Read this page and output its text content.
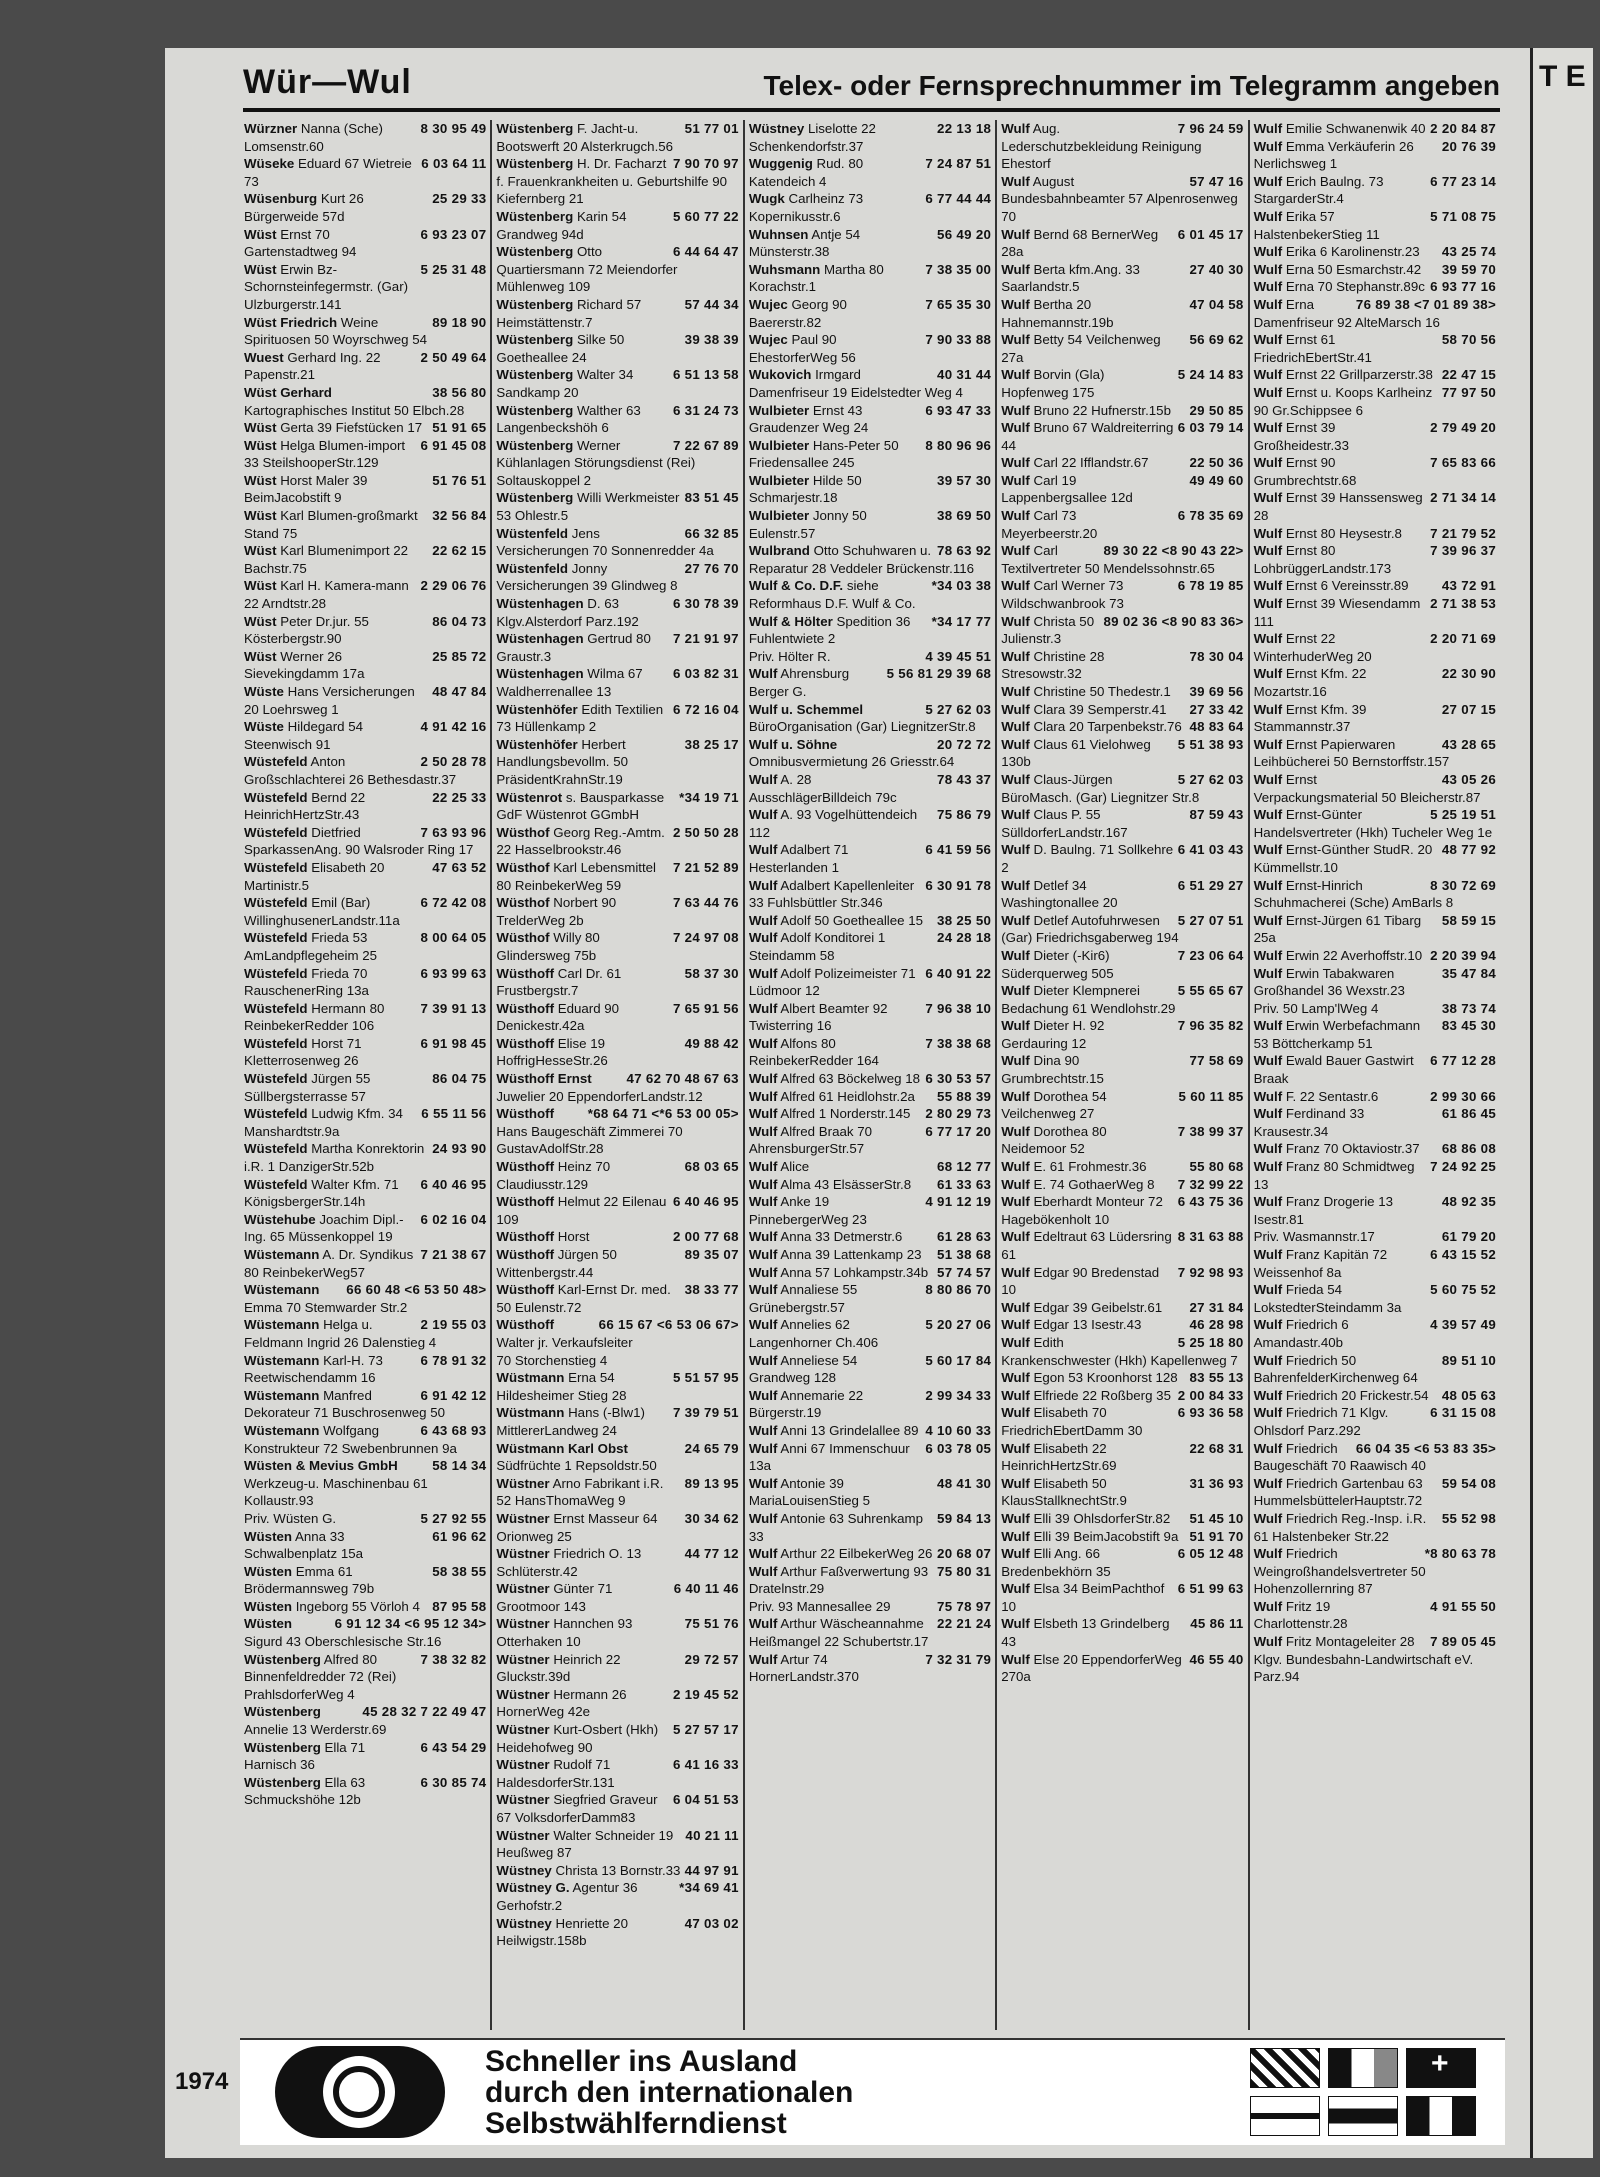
Wür—Wul	Telex- oder Fernsprechnummer im Telegramm angeben
8 30 95 49
Würzner Nanna (Sche) Lomsenstr.60
6 03 64 11
Wüseke Eduard 67 Wietreie 73
25 29 33
Wüsenburg Kurt 26 Bürgerweide 57d
6 93 23 07
Wüst Ernst 70 Gartenstadtweg 94
5 25 31 48
Wüst Erwin Bz- Schornsteinfegermstr. (Gar) Ulzburgerstr.141
89 18 90
Wüst Friedrich Weine Spirituosen 50 Woyrschweg 54
2 50 49 64
Wuest Gerhard Ing. 22 Papenstr.21
38 56 80
Wüst Gerhard Kartographisches Institut 50 Elbch.28
51 91 65
Wüst Gerta 39 Fiefstücken 17
6 91 45 08
Wüst Helga Blumen-import 33 SteilshooperStr.129
51 76 51
Wüst Horst Maler 39 BeimJacobstift 9
32 56 84
Wüst Karl Blumen-großmarkt Stand 75
22 62 15
Wüst Karl Blumenimport 22 Bachstr.75
2 29 06 76
Wüst Karl H. Kamera-mann 22 Arndtstr.28
86 04 73
Wüst Peter Dr.jur. 55 Kösterbergstr.90
25 85 72
Wüst Werner 26 Sievekingdamm 17a
48 47 84
Wüste Hans Versicherungen 20 Loehrsweg 1
4 91 42 16
Wüste Hildegard 54 Steenwisch 91
2 50 28 78
Wüstefeld Anton Großschlachterei 26 Bethesdastr.37
22 25 33
Wüstefeld Bernd 22 HeinrichHertzStr.43
7 63 93 96
Wüstefeld Dietfried SparkassenAng. 90 Walsroder Ring 17
47 63 52
Wüstefeld Elisabeth 20 Martinistr.5
6 72 42 08
Wüstefeld Emil (Bar) WillinghusenerLandstr.11a
8 00 64 05
Wüstefeld Frieda 53 AmLandpflegeheim 25
6 93 99 63
Wüstefeld Frieda 70 RauschenerRing 13a
7 39 91 13
Wüstefeld Hermann 80 ReinbekerRedder 106
6 91 98 45
Wüstefeld Horst 71 Kletterrosenweg 26
86 04 75
Wüstefeld Jürgen 55 Süllbergsterrasse 57
6 55 11 56
Wüstefeld Ludwig Kfm. 34 Manshardtstr.9a
24 93 90
Wüstefeld Martha Konrektorin i.R. 1 DanzigerStr.52b
6 40 46 95
Wüstefeld Walter Kfm. 71 KönigsbergerStr.14h
6 02 16 04
Wüstehube Joachim Dipl.-Ing. 65 Müssenkoppel 19
7 21 38 67
Wüstemann A. Dr. Syndikus 80 ReinbekerWeg57
66 60 48 <6 53 50 48>
Wüstemann Emma 70 Stemwarder Str.2
2 19 55 03
Wüstemann Helga u. Feldmann Ingrid 26 Dalenstieg 4
6 78 91 32
Wüstemann Karl-H. 73 Reetwischendamm 16
6 91 42 12
Wüstemann Manfred Dekorateur 71 Buschrosenweg 50
6 43 68 93
Wüstemann Wolfgang Konstrukteur 72 Swebenbrunnen 9a
58 14 34
Wüsten & Mevius GmbH Werkzeug-u. Maschinenbau 61 Kollaustr.93
5 27 92 55
Priv. Wüsten G.
61 96 62
Wüsten Anna 33 Schwalbenplatz 15a
58 38 55
Wüsten Emma 61 Brödermannsweg 79b
87 95 58
Wüsten Ingeborg 55 Vörloh 4
6 91 12 34 <6 95 12 34>
Wüsten Sigurd 43 Oberschlesische Str.16
7 38 32 82
Wüstenberg Alfred 80 Binnenfeldredder 72 (Rei) PrahlsdorferWeg 4
7 22 49 47
45 28 32
Wüstenberg Annelie 13 Werderstr.69
6 43 54 29
Wüstenberg Ella 71 Harnisch 36
6 30 85 74
Wüstenberg Ella 63 Schmuckshöhe 12b
51 77 01
Wüstenberg F. Jacht-u. Bootswerft 20 Alsterkrugch.56
7 90 70 97
Wüstenberg H. Dr. Facharzt f. Frauenkrankheiten u. Geburtshilfe 90 Kiefernberg 21
5 60 77 22
Wüstenberg Karin 54 Grandweg 94d
6 44 64 47
Wüstenberg Otto Quartiersmann 72 Meiendorfer Mühlenweg 109
57 44 34
Wüstenberg Richard 57 Heimstättenstr.7
39 38 39
Wüstenberg Silke 50 Goetheallee 24
6 51 13 58
Wüstenberg Walter 34 Sandkamp 20
6 31 24 73
Wüstenberg Walther 63 Langenbeckshöh 6
7 22 67 89
Wüstenberg Werner Kühlanlagen Störungsdienst (Rei) Soltauskoppel 2
83 51 45
Wüstenberg Willi Werkmeister 53 Ohlestr.5
66 32 85
Wüstenfeld Jens Versicherungen 70 Sonnenredder 4a
27 76 70
Wüstenfeld Jonny Versicherungen 39 Glindweg 8
6 30 78 39
Wüstenhagen D. 63 Klgv.Alsterdorf Parz.192
7 21 91 97
Wüstenhagen Gertrud 80 Graustr.3
6 03 82 31
Wüstenhagen Wilma 67 Waldherrenallee 13
6 72 16 04
Wüstenhöfer Edith Textilien 73 Hüllenkamp 2
38 25 17
Wüstenhöfer Herbert Handlungsbevollm. 50 PräsidentKrahnStr.19
*34 19 71
Wüstenrot s. Bausparkasse GdF Wüstenrot GGmbH
2 50 50 28
Wüsthof Georg Reg.-Amtm. 22 Hasselbrookstr.46
7 21 52 89
Wüsthof Karl Lebensmittel 80 ReinbekerWeg 59
7 63 44 76
Wüsthof Norbert 90 TrelderWeg 2b
7 24 97 08
Wüsthof Willy 80 Glindersweg 75b
58 37 30
Wüsthoff Carl Dr. 61 Frustbergstr.7
7 65 91 56
Wüsthoff Eduard 90 Denickestr.42a
49 88 42
Wüsthoff Elise 19 HoffrigHesseStr.26
47 62 70 48 67 63
Wüsthoff Ernst Juwelier 20 EppendorferLandstr.12
*68 64 71 <*6 53 00 05>
Wüsthoff Hans Baugeschäft Zimmerei 70 GustavAdolfStr.28
68 03 65
Wüsthoff Heinz 70 Claudiusstr.129
6 40 46 95
Wüsthoff Helmut 22 Eilenau 109
2 00 77 68
Wüsthoff Horst
89 35 07
Wüsthoff Jürgen 50 Wittenbergstr.44
38 33 77
Wüsthoff Karl-Ernst Dr. med. 50 Eulenstr.72
66 15 67 <6 53 06 67>
Wüsthoff Walter jr. Verkaufsleiter
70 Storchenstieg 4
5 51 57 95
Wüstmann Erna 54 Hildesheimer Stieg 28
7 39 79 51
Wüstmann Hans (-Blw1) MittlererLandweg 24
24 65 79
Wüstmann Karl Obst Südfrüchte 1 Repsoldstr.50
89 13 95
Wüstner Arno Fabrikant i.R. 52 HansThomaWeg 9
30 34 62
Wüstner Ernst Masseur 64 Orionweg 25
44 77 12
Wüstner Friedrich O. 13 Schlüterstr.42
6 40 11 46
Wüstner Günter 71 Grootmoor 143
75 51 76
Wüstner Hannchen 93 Otterhaken 10
29 72 57
Wüstner Heinrich 22 Gluckstr.39d
2 19 45 52
Wüstner Hermann 26 HornerWeg 42e
5 27 57 17
Wüstner Kurt-Osbert (Hkh) Heidehofweg 90
6 41 16 33
Wüstner Rudolf 71 HaldesdorferStr.131
6 04 51 53
Wüstner Siegfried Graveur 67 VolksdorferDamm83
40 21 11
Wüstner Walter Schneider 19 Heußweg 87
44 97 91
Wüstney Christa 13 Bornstr.33
*34 69 41
Wüstney G. Agentur 36 Gerhofstr.2
47 03 02
Wüstney Henriette 20 Heilwigstr.158b
22 13 18
Wüstney Liselotte 22 Schenkendorfstr.37
7 24 87 51
Wuggenig Rud. 80 Katendeich 4
6 77 44 44
Wugk Carlheinz 73 Kopernikusstr.6
56 49 20
Wuhnsen Antje 54 Münsterstr.38
7 38 35 00
Wuhsmann Martha 80 Korachstr.1
7 65 35 30
Wujec Georg 90 Baererstr.82
7 90 33 88
Wujec Paul 90 EhestorferWeg 56
40 31 44
Wukovich Irmgard Damenfriseur 19 Eidelstedter Weg 4
6 93 47 33
Wulbieter Ernst 43 Graudenzer Weg 24
8 80 96 96
Wulbieter Hans-Peter 50 Friedensallee 245
39 57 30
Wulbieter Hilde 50 Schmarjestr.18
38 69 50
Wulbieter Jonny 50 Eulenstr.57
78 63 92
Wulbrand Otto Schuhwaren u. Reparatur 28 Veddeler Brückenstr.116
*34 03 38
Wulf & Co. D.F. siehe Reformhaus D.F. Wulf & Co.
*34 17 77
Wulf & Hölter Spedition 36 Fuhlentwiete 2
4 39 45 51
Priv. Hölter R.
5 56 81 29 39 68
Wulf Ahrensburg Berger G.
5 27 62 03
Wulf u. Schemmel BüroOrganisation (Gar) LiegnitzerStr.8
20 72 72
Wulf u. Söhne Omnibusvermietung 26 Griesstr.64
78 43 37
Wulf A. 28 AusschlägerBilldeich 79c
75 86 79
Wulf A. 93 Vogelhüttendeich 112
6 41 59 56
Wulf Adalbert 71 Hesterlanden 1
6 30 91 78
Wulf Adalbert Kapellenleiter 33 Fuhlsbüttler Str.346
38 25 50
Wulf Adolf 50 Goetheallee 15
24 28 18
Wulf Adolf Konditorei 1 Steindamm 58
6 40 91 22
Wulf Adolf Polizeimeister 71 Lüdmoor 12
7 96 38 10
Wulf Albert Beamter 92 Twisterring 16
7 38 38 68
Wulf Alfons 80 ReinbekerRedder 164
6 30 53 57
Wulf Alfred 63 Böckelweg 18
55 88 39
Wulf Alfred 61 Heidlohstr.2a
2 80 29 73
Wulf Alfred 1 Norderstr.145
6 77 17 20
Wulf Alfred Braak 70 AhrensburgerStr.57
68 12 77
Wulf Alice
61 33 63
Wulf Alma 43 ElsässerStr.8
4 91 12 19
Wulf Anke 19 PinnebergerWeg 23
61 28 63
Wulf Anna 33 Detmerstr.6
51 38 68
Wulf Anna 39 Lattenkamp 23
57 74 57
Wulf Anna 57 Lohkampstr.34b
8 80 86 70
Wulf Annaliese 55 Grünebergstr.57
5 20 27 06
Wulf Annelies 62 Langenhorner Ch.406
5 60 17 84
Wulf Anneliese 54 Grandweg 128
2 99 34 33
Wulf Annemarie 22 Bürgerstr.19
4 10 60 33
Wulf Anni 13 Grindelallee 89
6 03 78 05
Wulf Anni 67 Immenschuur 13a
48 41 30
Wulf Antonie 39 MariaLouisenStieg 5
59 84 13
Wulf Antonie 63 Suhrenkamp 33
20 68 07
Wulf Arthur 22 EilbekerWeg 26
75 80 31
Wulf Arthur Faßverwertung 93 Dratelnstr.29
75 78 97
Priv. 93 Mannesallee 29
22 21 24
Wulf Arthur Wäscheannahme Heißmangel 22 Schubertstr.17
7 32 31 79
Wulf Artur 74 HornerLandstr.370
7 96 24 59
Wulf Aug. Lederschutzbekleidung Reinigung Ehestorf
57 47 16
Wulf August Bundesbahnbeamter 57 Alpenrosenweg 70
6 01 45 17
Wulf Bernd 68 BernerWeg 28a
27 40 30
Wulf Berta kfm.Ang. 33 Saarlandstr.5
47 04 58
Wulf Bertha 20 Hahnemannstr.19b
56 69 62
Wulf Betty 54 Veilchenweg 27a
5 24 14 83
Wulf Borvin (Gla) Hopfenweg 175
29 50 85
Wulf Bruno 22 Hufnerstr.15b
6 03 79 14
Wulf Bruno 67 Waldreiterring 44
22 50 36
Wulf Carl 22 Ifflandstr.67
49 49 60
Wulf Carl 19 Lappenbergsallee 12d
6 78 35 69
Wulf Carl 73 Meyerbeerstr.20
89 30 22 <8 90 43 22>
Wulf Carl Textilvertreter 50 Mendelssohnstr.65
6 78 19 85
Wulf Carl Werner 73 Wildschwanbrook 73
89 02 36 <8 90 83 36>
Wulf Christa 50 Julienstr.3
78 30 04
Wulf Christine 28 Stresowstr.32
39 69 56
Wulf Christine 50 Thedestr.1
27 33 42
Wulf Clara 39 Semperstr.41
48 83 64
Wulf Clara 20 Tarpenbekstr.76
5 51 38 93
Wulf Claus 61 Vielohweg 130b
5 27 62 03
Wulf Claus-Jürgen BüroMasch. (Gar) Liegnitzer Str.8
87 59 43
Wulf Claus P. 55 SülldorferLandstr.167
6 41 03 43
Wulf D. Baulng. 71 Sollkehre 2
6 51 29 27
Wulf Detlef 34 Washingtonallee 20
5 27 07 51
Wulf Detlef Autofuhrwesen (Gar) Friedrichsgaberweg 194
7 23 06 64
Wulf Dieter (-Kir6) Süderquerweg 505
5 55 65 67
Wulf Dieter Klempnerei Bedachung 61 Wendlohstr.29
7 96 35 82
Wulf Dieter H. 92 Gerdauring 12
77 58 69
Wulf Dina 90 Grumbrechtstr.15
5 60 11 85
Wulf Dorothea 54 Veilchenweg 27
7 38 99 37
Wulf Dorothea 80 Neidemoor 52
55 80 68
Wulf E. 61 Frohmestr.36
7 32 99 22
Wulf E. 74 GothaerWeg 8
6 43 75 36
Wulf Eberhardt Monteur 72 Hagebökenholt 10
8 31 63 88
Wulf Edeltraut 63 Lüdersring 61
7 92 98 93
Wulf Edgar 90 Bredenstad 10
27 31 84
Wulf Edgar 39 Geibelstr.61
46 28 98
Wulf Edgar 13 Isestr.43
5 25 18 80
Wulf Edith Krankenschwester (Hkh) Kapellenweg 7
83 55 13
Wulf Egon 53 Kroonhorst 128
2 00 84 33
Wulf Elfriede 22 Roßberg 35
6 93 36 58
Wulf Elisabeth 70 FriedrichEbertDamm 30
22 68 31
Wulf Elisabeth 22 HeinrichHertzStr.69
31 36 93
Wulf Elisabeth 50 KlausStallknechtStr.9
51 45 10
Wulf Elli 39 OhlsdorferStr.82
51 91 70
Wulf Elli 39 BeimJacobstift 9a
6 05 12 48
Wulf Elli Ang. 66 Bredenbekhörn 35
6 51 99 63
Wulf Elsa 34 BeimPachthof 10
45 86 11
Wulf Elsbeth 13 Grindelberg 43
46 55 40
Wulf Else 20 EppendorferWeg 270a
2 20 84 87
Wulf Emilie Schwanenwik 40
20 76 39
Wulf Emma Verkäuferin 26 Nerlichsweg 1
6 77 23 14
Wulf Erich Baulng. 73 StargarderStr.4
5 71 08 75
Wulf Erika 57 HalstenbekerStieg 11
43 25 74
Wulf Erika 6 Karolinenstr.23
39 59 70
Wulf Erna 50 Esmarchstr.42
6 93 77 16
Wulf Erna 70 Stephanstr.89c
76 89 38 <7 01 89 38>
Wulf Erna Damenfriseur 92 AlteMarsch 16
58 70 56
Wulf Ernst 61 FriedrichEbertStr.41
22 47 15
Wulf Ernst 22 Grillparzerstr.38
77 97 50
Wulf Ernst u. Koops Karlheinz 90 Gr.Schippsee 6
2 79 49 20
Wulf Ernst 39 Großheidestr.33
7 65 83 66
Wulf Ernst 90 Grumbrechtstr.68
2 71 34 14
Wulf Ernst 39 Hanssensweg 28
7 21 79 52
Wulf Ernst 80 Heysestr.8
7 39 96 37
Wulf Ernst 80 LohbrüggerLandstr.173
43 72 91
Wulf Ernst 6 Vereinsstr.89
2 71 38 53
Wulf Ernst 39 Wiesendamm 111
2 20 71 69
Wulf Ernst 22 WinterhuderWeg 20
22 30 90
Wulf Ernst Kfm. 22 Mozartstr.16
27 07 15
Wulf Ernst Kfm. 39 Stammannstr.37
43 28 65
Wulf Ernst Papierwaren Leihbücherei 50 Bernstorffstr.157
43 05 26
Wulf Ernst Verpackungsmaterial 50 Bleicherstr.87
5 25 19 51
Wulf Ernst-Günter Handelsvertreter (Hkh) Tucheler Weg 1e
48 77 92
Wulf Ernst-Günther StudR. 20 Kümmellstr.10
8 30 72 69
Wulf Ernst-Hinrich Schuhmacherei (Sche) AmBarls 8
58 59 15
Wulf Ernst-Jürgen 61 Tibarg 25a
2 20 39 94
Wulf Erwin 22 Averhoffstr.10
35 47 84
Wulf Erwin Tabakwaren Großhandel 36 Wexstr.23
38 73 74
Priv. 50 Lamp'lWeg 4
83 45 30
Wulf Erwin Werbefachmann 53 Böttcherkamp 51
6 77 12 28
Wulf Ewald Bauer Gastwirt Braak
2 99 30 66
Wulf F. 22 Sentastr.6
61 86 45
Wulf Ferdinand 33 Krausestr.34
68 86 08
Wulf Franz 70 Oktaviostr.37
7 24 92 25
Wulf Franz 80 Schmidtweg 13
48 92 35
Wulf Franz Drogerie 13 Isestr.81
61 79 20
Priv. Wasmannstr.17
6 43 15 52
Wulf Franz Kapitän 72 Weissenhof 8a
5 60 75 52
Wulf Frieda 54 LokstedterSteindamm 3a
4 39 57 49
Wulf Friedrich 6 Amandastr.40b
89 51 10
Wulf Friedrich 50 BahrenfelderKirchenweg 64
48 05 63
Wulf Friedrich 20 Frickestr.54
6 31 15 08
Wulf Friedrich 71 Klgv. Ohlsdorf Parz.292
66 04 35 <6 53 83 35>
Wulf Friedrich Baugeschäft 70 Raawisch 40
59 54 08
Wulf Friedrich Gartenbau 63 HummelsbüttelerHauptstr.72
55 52 98
Wulf Friedrich Reg.-Insp. i.R. 61 Halstenbeker Str.22
*8 80 63 78
Wulf Friedrich Weingroßhandelsvertreter 50 Hohenzollernring 87
4 91 55 50
Wulf Fritz 19 Charlottenstr.28
7 89 05 45
Wulf Fritz Montageleiter 28 Klgv. Bundesbahn-Landwirtschaft eV. Parz.94
1974
Schneller ins Ausland
durch den internationalen
Selbstwählferndienst
+
T E
